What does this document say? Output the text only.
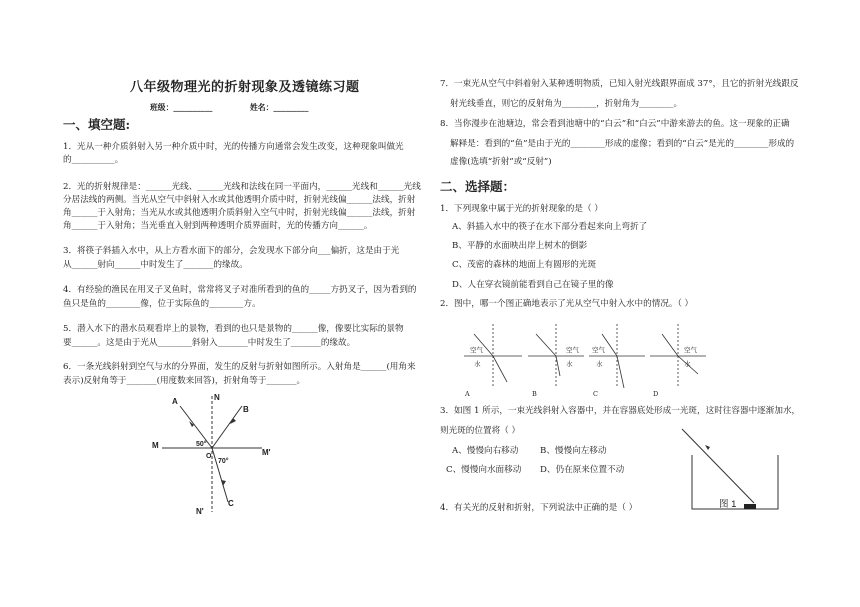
八年级物理光的折射现象及透镜练习题
班级：__________	姓名：_________
一、填空题:
1．光从一种介质斜射入另一种介质中时，光的传播方向通常会发生改变，这种现象叫做光
的__________。
2．光的折射规律是：______光线、______光线和法线在同一平面内，______光线和______光线
分居法线的两侧。当光从空气中斜射入水或其他透明介质中时，折射光线偏______法线，折射
角______于入射角；当光从水或其他透明介质斜射入空气中时，折射光线偏______法线，折射
角______于入射角；当光垂直入射到两种透明介质界面时，光的传播方向______。
3．将筷子斜插入水中，从上方看水面下的部分，会发现水下部分向___偏折，这是由于光
从______射向______中时发生了_______的缘故。
4．有经验的渔民在用叉子叉鱼时，常常将叉子对准所看到的鱼的_____方扔叉子，因为看到的
鱼只是鱼的________像，位于实际鱼的________方。
5．潜入水下的潜水员观看岸上的景物，看到的也只是景物的______像，像要比实际的景物
要______。这是由于光从________斜射入_______中时发生了_______的缘故。
6．一条光线斜射到空气与水的分界面，发生的反射与折射如图所示。入射角是______(用角来
表示)反射角等于_______(用度数来回答)，折射角等于_______。
A	N
B
M
M'
50°
O
70°
C
N'
7．一束光从空气中斜着射入某种透明物质，已知入射光线跟界面成 37°，且它的折射光线跟反
射光线垂直，则它的反射角为________，折射角为________。
8．当你漫步在池塘边，常会看到池塘中的“白云”和“白云”中游来游去的鱼。这一现象的正确
解释是：看到的“鱼”是由于光的________形成的虚像；看到的“白云”是光的________形成的
虚像(选填“折射”或“反射”)
二、选择题：
1．下列现象中属于光的折射现象的是（ ）
A、斜插入水中的筷子在水下部分看起来向上弯折了
B、平静的水面映出岸上树木的倒影
C、茂密的森林的地面上有圆形的光斑
D、人在穿衣镜前能看到自己在镜子里的像
2．图中，哪一个图正确地表示了光从空气中射入水中的情况。（ ）
空气
水
空气
水
空气
水
空气
水
A	B	C	D
3．如图 1 所示，一束光线斜射入容器中，并在容器底处形成一光斑，这时往容器中逐渐加水，
则光斑的位置将（ ）
A、慢慢向右移动	B、慢慢向左移动
C、慢慢向水面移动 D、仍在原来位置不动
图 1
4．有关光的反射和折射，下列说法中正确的是（ ）
